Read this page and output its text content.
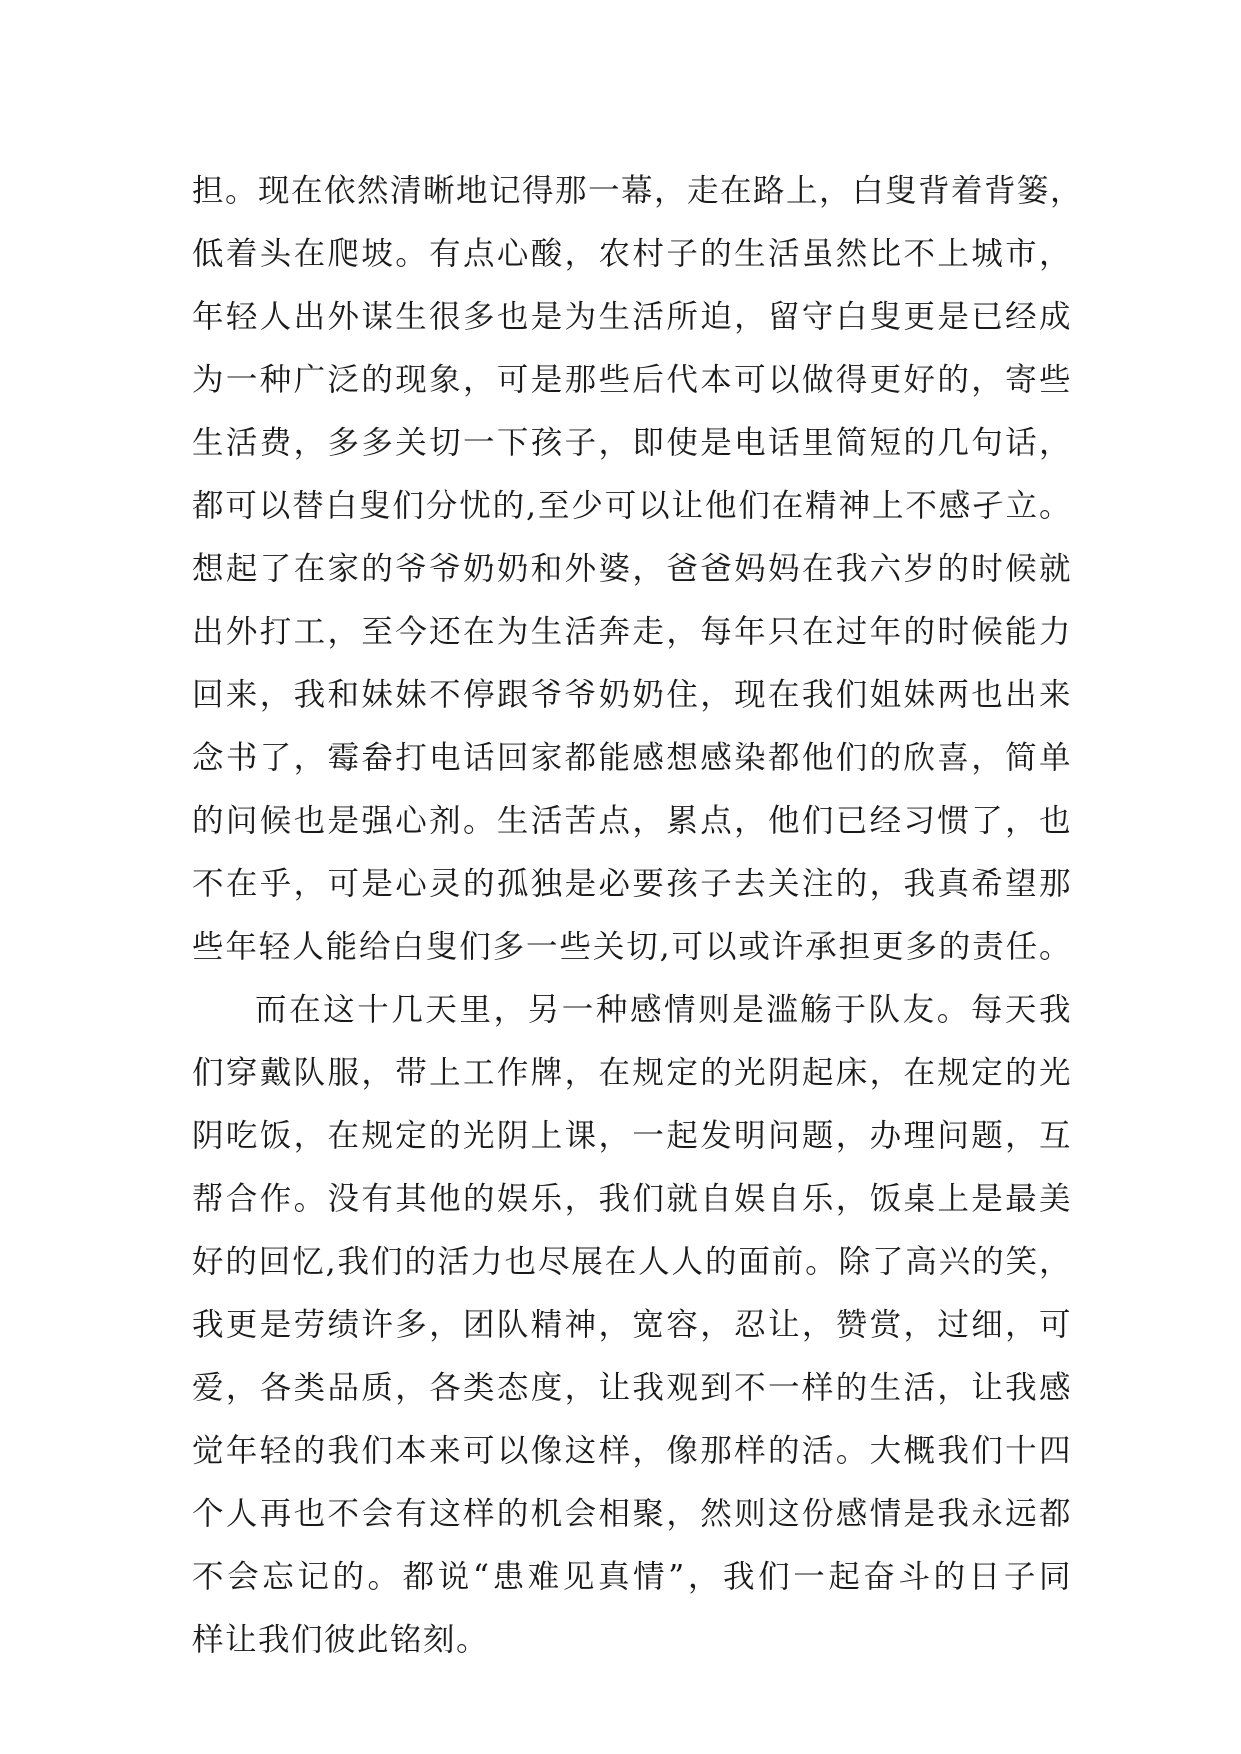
担。现在依然清晰地记得那一幕，走在路上，白叟背着背篓，
低着头在爬坡。有点心酸，农村子的生活虽然比不上城市，
年轻人出外谋生很多也是为生活所迫，留守白叟更是已经成
为一种广泛的现象，可是那些后代本可以做得更好的，寄些
生活费，多多关切一下孩子，即使是电话里简短的几句话，
都可以替白叟们分忧的,至少可以让他们在精神上不感孑立。
想起了在家的爷爷奶奶和外婆，爸爸妈妈在我六岁的时候就
出外打工，至今还在为生活奔走，每年只在过年的时候能力
回来，我和妹妹不停跟爷爷奶奶住，现在我们姐妹两也出来
念书了，霉畚打电话回家都能感想感染都他们的欣喜，简单
的问候也是强心剂。生活苦点，累点，他们已经习惯了，也
不在乎，可是心灵的孤独是必要孩子去关注的，我真希望那
些年轻人能给白叟们多一些关切,可以或许承担更多的责任。
而在这十几天里，另一种感情则是滥觞于队友。每天我
们穿戴队服，带上工作牌，在规定的光阴起床，在规定的光
阴吃饭，在规定的光阴上课，一起发明问题，办理问题，互
帮合作。没有其他的娱乐，我们就自娱自乐，饭桌上是最美
好的回忆,我们的活力也尽展在人人的面前。除了高兴的笑，
我更是劳绩许多，团队精神，宽容，忍让，赞赏，过细，可
爱，各类品质，各类态度，让我观到不一样的生活，让我感
觉年轻的我们本来可以像这样，像那样的活。大概我们十四
个人再也不会有这样的机会相聚，然则这份感情是我永远都
不会忘记的。都说“患难见真情”，我们一起奋斗的日子同
样让我们彼此铭刻。
